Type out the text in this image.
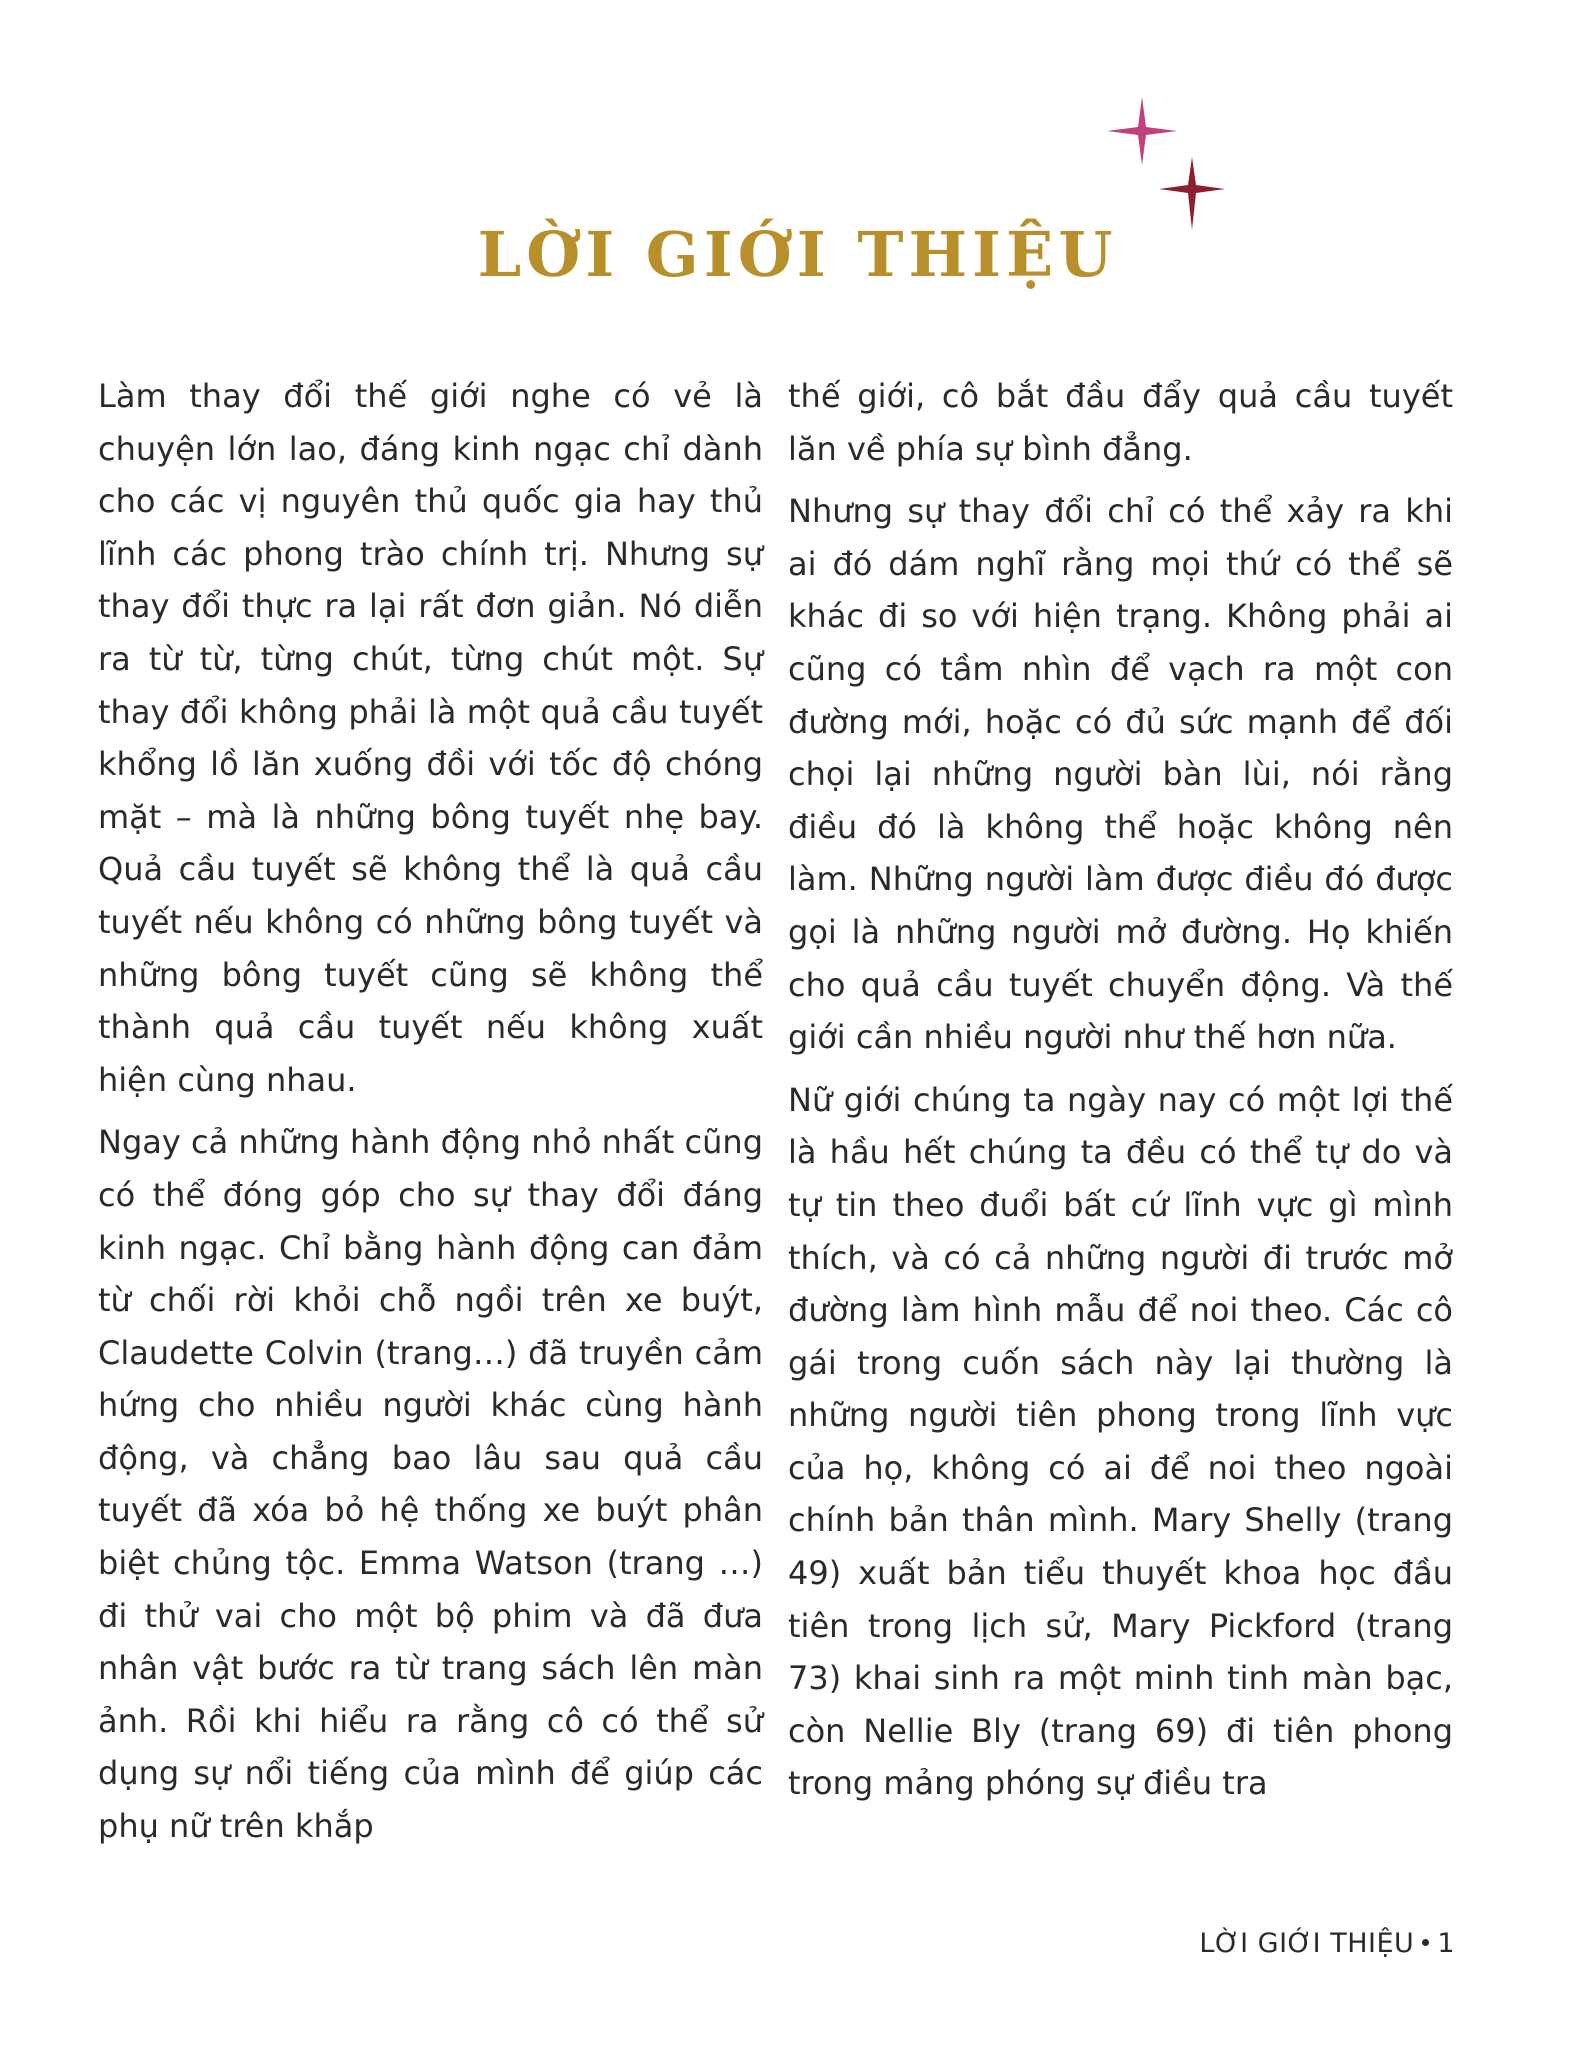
LỜI GIỚI THIỆU

Làm thay đổi thế giới nghe có vẻ là chuyện lớn lao, đáng kinh ngạc chỉ dành cho các vị nguyên thủ quốc gia hay thủ lĩnh các phong trào chính trị. Nhưng sự thay đổi thực ra lại rất đơn giản. Nó diễn ra từ từ, từng chút, từng chút một. Sự thay đổi không phải là một quả cầu tuyết khổng lồ lăn xuống đồi với tốc độ chóng mặt – mà là những bông tuyết nhẹ bay. Quả cầu tuyết sẽ không thể là quả cầu tuyết nếu không có những bông tuyết và những bông tuyết cũng sẽ không thể thành quả cầu tuyết nếu không xuất hiện cùng nhau.

Ngay cả những hành động nhỏ nhất cũng có thể đóng góp cho sự thay đổi đáng kinh ngạc. Chỉ bằng hành động can đảm từ chối rời khỏi chỗ ngồi trên xe buýt, Claudette Colvin (trang…) đã truyền cảm hứng cho nhiều người khác cùng hành động, và chẳng bao lâu sau quả cầu tuyết đã xóa bỏ hệ thống xe buýt phân biệt chủng tộc. Emma Watson (trang …) đi thử vai cho một bộ phim và đã đưa nhân vật bước ra từ trang sách lên màn ảnh. Rồi khi hiểu ra rằng cô có thể sử dụng sự nổi tiếng của mình để giúp các phụ nữ trên khắp

thế giới, cô bắt đầu đẩy quả cầu tuyết lăn về phía sự bình đẳng.

Nhưng sự thay đổi chỉ có thể xảy ra khi ai đó dám nghĩ rằng mọi thứ có thể sẽ khác đi so với hiện trạng. Không phải ai cũng có tầm nhìn để vạch ra một con đường mới, hoặc có đủ sức mạnh để đối chọi lại những người bàn lùi, nói rằng điều đó là không thể hoặc không nên làm. Những người làm được điều đó được gọi là những người mở đường. Họ khiến cho quả cầu tuyết chuyển động. Và thế giới cần nhiều người như thế hơn nữa.

Nữ giới chúng ta ngày nay có một lợi thế là hầu hết chúng ta đều có thể tự do và tự tin theo đuổi bất cứ lĩnh vực gì mình thích, và có cả những người đi trước mở đường làm hình mẫu để noi theo. Các cô gái trong cuốn sách này lại thường là những người tiên phong trong lĩnh vực của họ, không có ai để noi theo ngoài chính bản thân mình. Mary Shelly (trang 49) xuất bản tiểu thuyết khoa học đầu tiên trong lịch sử, Mary Pickford (trang 73) khai sinh ra một minh tinh màn bạc, còn Nellie Bly (trang 69) đi tiên phong trong mảng phóng sự điều tra

LỜI GIỚI THIỆU 1
